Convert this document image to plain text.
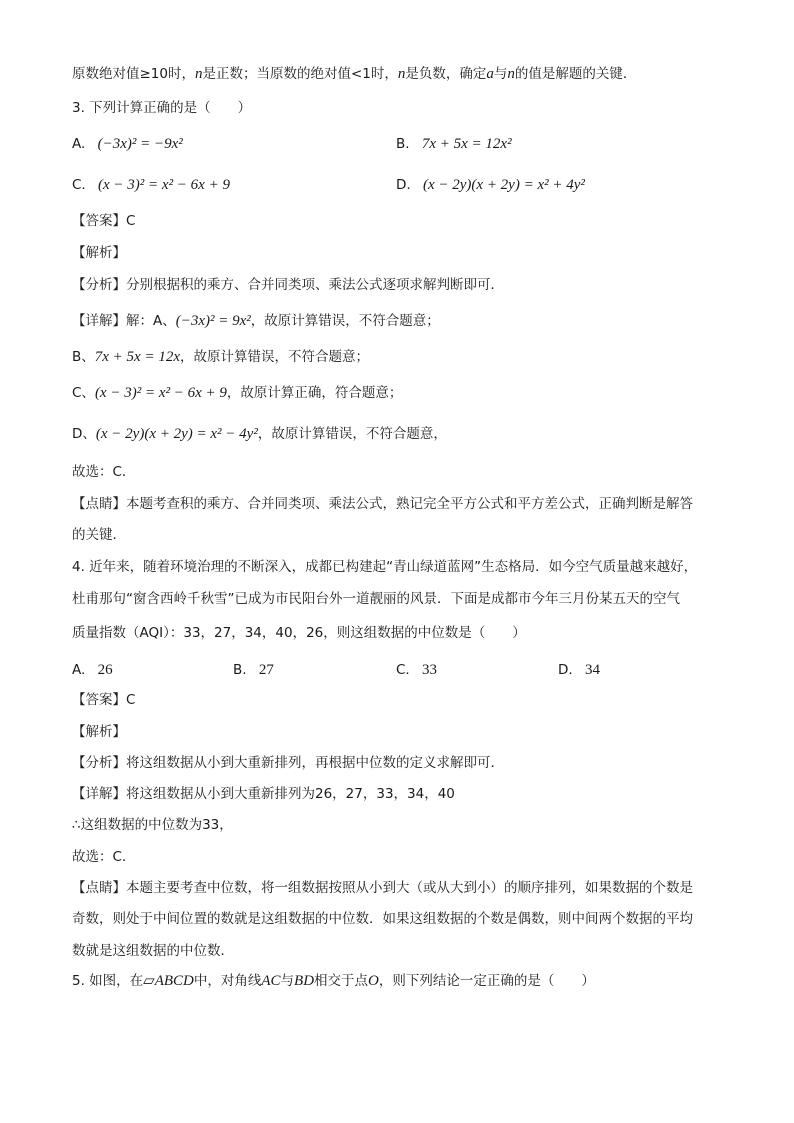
原数绝对值≥10时，n是正数；当原数的绝对值<1时，n是负数，确定a与n的值是解题的关键．
3. 下列计算正确的是（　　）
A. (−3x)² = −9x²	B. 7x + 5x = 12x²
C. (x − 3)² = x² − 6x + 9	D. (x − 2y)(x + 2y) = x² + 4y²
【答案】C
【解析】
【分析】分别根据积的乘方、合并同类项、乘法公式逐项求解判断即可．
【详解】解：A、(−3x)² = 9x²，故原计算错误，不符合题意；
B、7x + 5x = 12x，故原计算错误，不符合题意；
C、(x − 3)² = x² − 6x + 9，故原计算正确，符合题意；
D、(x − 2y)(x + 2y) = x² − 4y²，故原计算错误，不符合题意，
故选：C．
【点睛】本题考查积的乘方、合并同类项、乘法公式，熟记完全平方公式和平方差公式，正确判断是解答
的关键．
4. 近年来，随着环境治理的不断深入，成都已构建起“青山绿道蓝网”生态格局．如今空气质量越来越好，
杜甫那句“窗含西岭千秋雪”已成为市民阳台外一道靓丽的风景．下面是成都市今年三月份某五天的空气
质量指数（AQI）：33，27，34，40，26，则这组数据的中位数是（　　）
A. 26	B. 27	C. 33	D. 34
【答案】C
【解析】
【分析】将这组数据从小到大重新排列，再根据中位数的定义求解即可．
【详解】将这组数据从小到大重新排列为26，27，33，34，40
∴这组数据的中位数为33，
故选：C．
【点睛】本题主要考查中位数，将一组数据按照从小到大（或从大到小）的顺序排列，如果数据的个数是
奇数，则处于中间位置的数就是这组数据的中位数．如果这组数据的个数是偶数，则中间两个数据的平均
数就是这组数据的中位数．
5. 如图，在▱ABCD中，对角线AC与BD相交于点O，则下列结论一定正确的是（　　）
